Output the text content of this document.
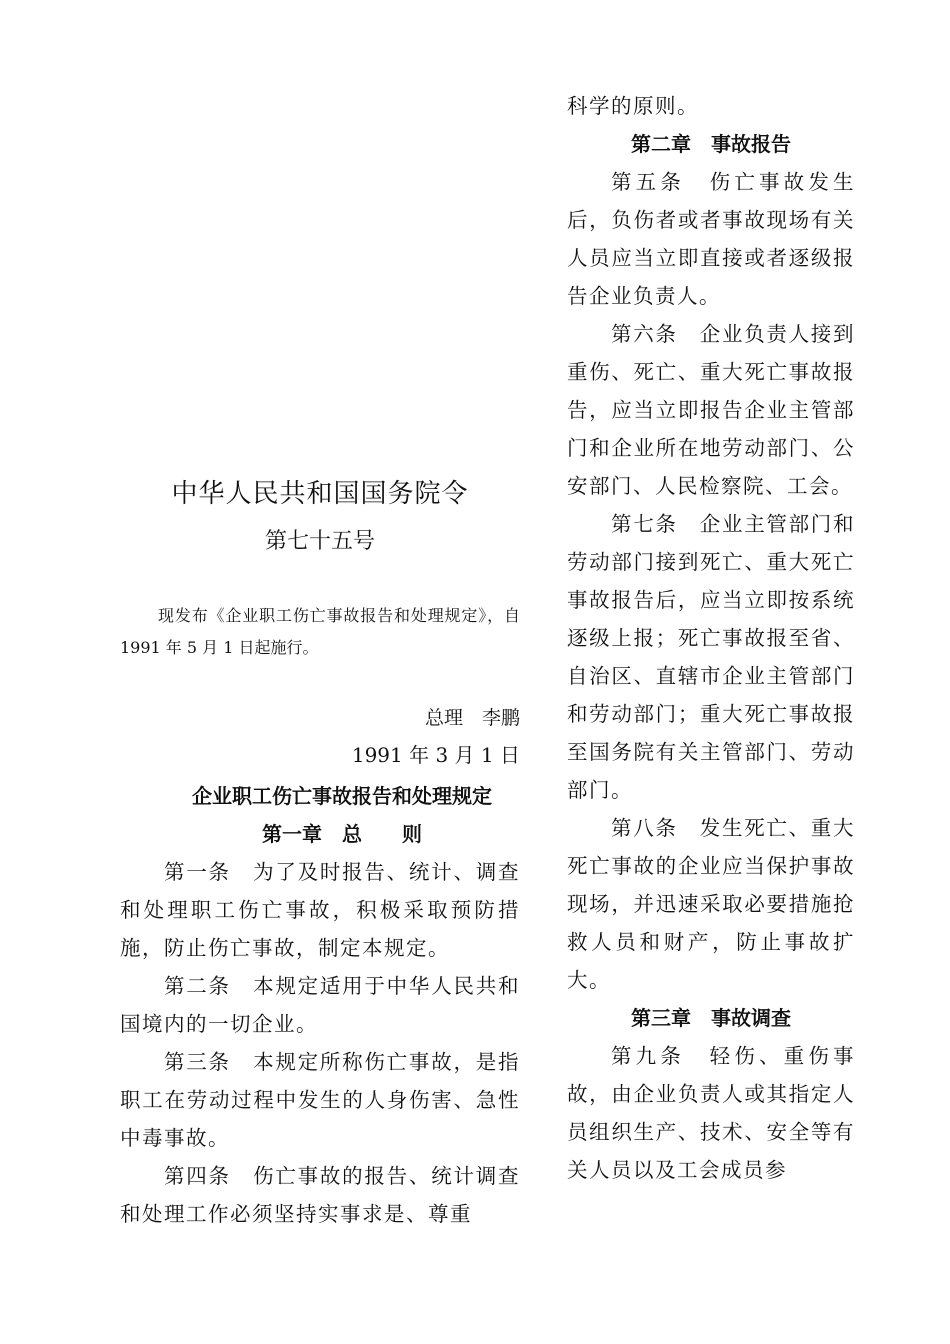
中华人民共和国国务院令
第七十五号

现发布《企业职工伤亡事故报告和处理规定》，自 1991 年 5 月 1 日起施行。

总理　李鹏
1991 年 3 月 1 日
企业职工伤亡事故报告和处理规定
第一章　总　　则

第一条　为了及时报告、统计、调查和处理职工伤亡事故，积极采取预防措施，防止伤亡事故，制定本规定。

第二条　本规定适用于中华人民共和国境内的一切企业。

第三条　本规定所称伤亡事故，是指职工在劳动过程中发生的人身伤害、急性中毒事故。

第四条　伤亡事故的报告、统计调查和处理工作必须坚持实事求是、尊重

科学的原则。

第二章　事故报告

第五条　伤亡事故发生后，负伤者或者事故现场有关人员应当立即直接或者逐级报告企业负责人。

第六条　企业负责人接到重伤、死亡、重大死亡事故报告，应当立即报告企业主管部门和企业所在地劳动部门、公安部门、人民检察院、工会。

第七条　企业主管部门和劳动部门接到死亡、重大死亡事故报告后，应当立即按系统逐级上报；死亡事故报至省、自治区、直辖市企业主管部门和劳动部门；重大死亡事故报至国务院有关主管部门、劳动部门。

第八条　发生死亡、重大死亡事故的企业应当保护事故现场，并迅速采取必要措施抢救人员和财产，防止事故扩大。

第三章　事故调查

第九条　轻伤、重伤事故，由企业负责人或其指定人员组织生产、技术、安全等有关人员以及工会成员参
